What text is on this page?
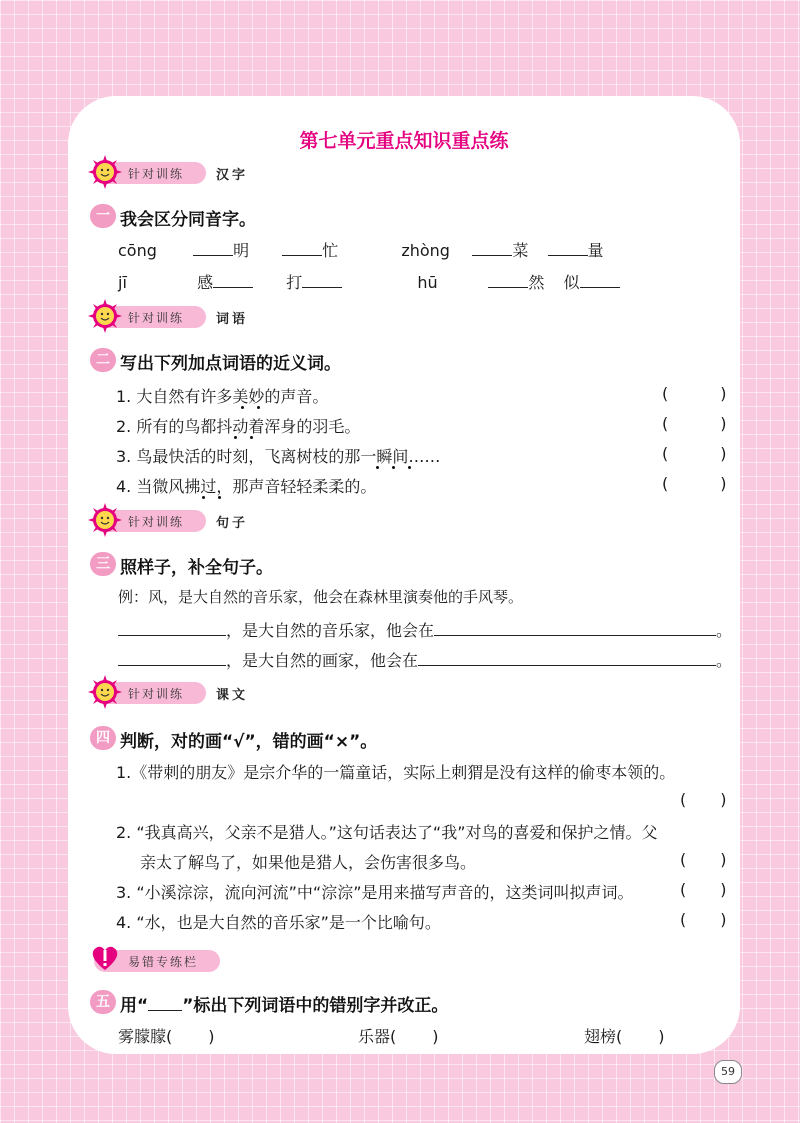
第七单元重点知识重点练
针对训练 汉字
一 我会区分同音字。
cōng	明	忙	zhòng	菜	量
jī	感	打	hū	然 似
针对训练 词语
二 写出下列加点词语的近义词。
1. 大自然有许多美妙的声音。	(	)
2. 所有的鸟都抖动着浑身的羽毛。	(	)
3. 鸟最快活的时刻，飞离树枝的那一瞬间……	(	)
4. 当微风拂过，那声音轻轻柔柔的。	(	)
针对训练 句子
三 照样子，补全句子。
例：风，是大自然的音乐家，他会在森林里演奏他的手风琴。
，是大自然的音乐家，他会在	。
，是大自然的画家，他会在	。
针对训练 课文
四 判断，对的画“√”，错的画“×”。
1.《带刺的朋友》是宗介华的一篇童话，实际上刺猬是没有这样的偷枣本领的。
( )
2. “我真高兴，父亲不是猎人。”这句话表达了“我”对鸟的喜爱和保护之情。父
亲太了解鸟了，如果他是猎人，会伤害很多鸟。	( )
3. “小溪淙淙，流向河流”中“淙淙”是用来描写声音的，这类词叫拟声词。	( )
4. “水，也是大自然的音乐家”是一个比喻句。	( )
易错专练栏
五 用“ ”标出下列词语中的错别字并改正。
雾朦朦( )	乐器( )	翅榜( )
59
